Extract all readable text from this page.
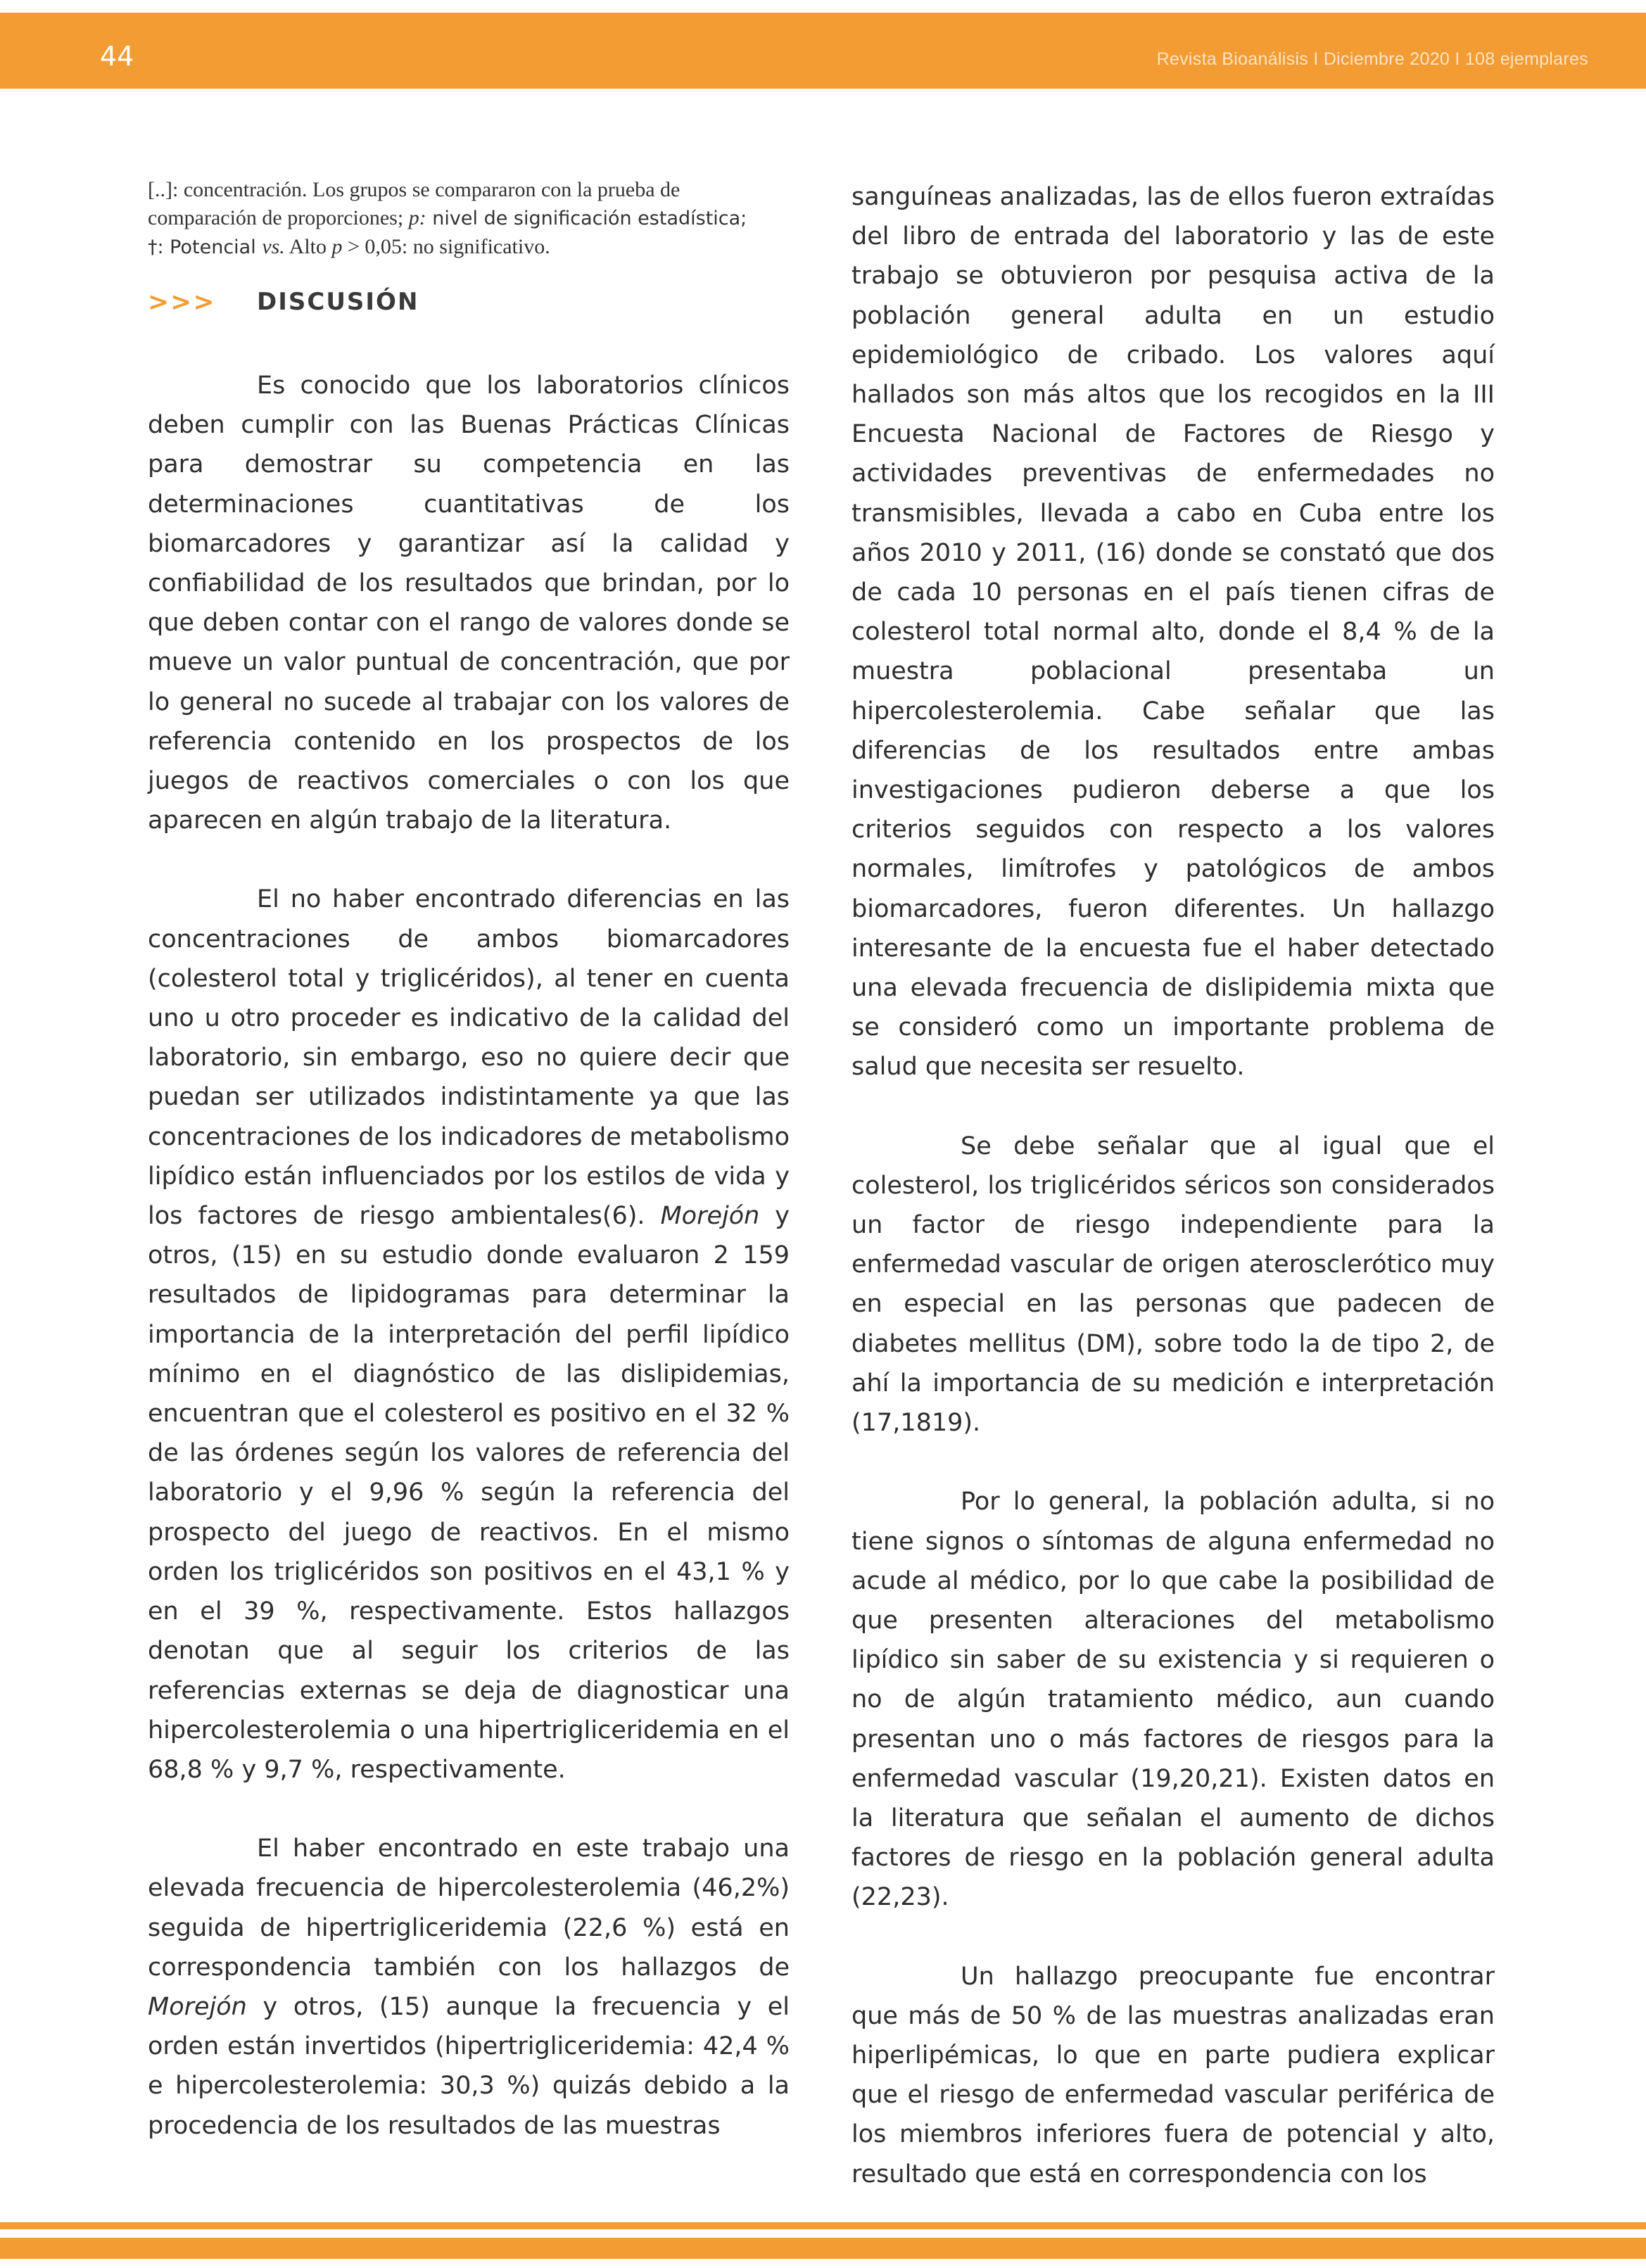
44	Revista Bioanálisis I Diciembre 2020 I 108 ejemplares

[..]: concentración. Los grupos se compararon con la prueba de comparación de proporciones; p: nivel de significación estadística;
†: Potencial vs. Alto p > 0,05: no significativo.

>>>	DISCUSIÓN

Es conocido que los laboratorios clínicos deben cumplir con las Buenas Prácticas Clínicas para demostrar su competencia en las determinaciones cuantitativas de los biomarcadores y garantizar así la calidad y confiabilidad de los resultados que brindan, por lo que deben contar con el rango de valores donde se mueve un valor puntual de concentración, que por lo general no sucede al trabajar con los valores de referencia contenido en los prospectos de los juegos de reactivos comerciales o con los que aparecen en algún trabajo de la literatura.

El no haber encontrado diferencias en las concentraciones de ambos biomarcadores (colesterol total y triglicéridos), al tener en cuenta uno u otro proceder es indicativo de la calidad del laboratorio, sin embargo, eso no quiere decir que puedan ser utilizados indistintamente ya que las concentraciones de los indicadores de metabolismo lipídico están influenciados por los estilos de vida y los factores de riesgo ambientales(6). Morejón y otros, (15) en su estudio donde evaluaron 2 159 resultados de lipidogramas para determinar la importancia de la interpretación del perfil lipídico mínimo en el diagnóstico de las dislipidemias, encuentran que el colesterol es positivo en el 32 % de las órdenes según los valores de referencia del laboratorio y el 9,96 % según la referencia del prospecto del juego de reactivos. En el mismo orden los triglicéridos son positivos en el 43,1 % y en el 39 %, respectivamente. Estos hallazgos denotan que al seguir los criterios de las referencias externas se deja de diagnosticar una hipercolesterolemia o una hipertrigliceridemia en el 68,8 % y 9,7 %, respectivamente.

El haber encontrado en este trabajo una elevada frecuencia de hipercolesterolemia (46,2%) seguida de hipertrigliceridemia (22,6 %) está en correspondencia también con los hallazgos de Morejón y otros, (15) aunque la frecuencia y el orden están invertidos (hipertrigliceridemia: 42,4 % e hipercolesterolemia: 30,3 %) quizás debido a la procedencia de los resultados de las muestras

sanguíneas analizadas, las de ellos fueron extraídas del libro de entrada del laboratorio y las de este trabajo se obtuvieron por pesquisa activa de la población general adulta en un estudio epidemiológico de cribado. Los valores aquí hallados son más altos que los recogidos en la III Encuesta Nacional de Factores de Riesgo y actividades preventivas de enfermedades no transmisibles, llevada a cabo en Cuba entre los años 2010 y 2011, (16) donde se constató que dos de cada 10 personas en el país tienen cifras de colesterol total normal alto, donde el 8,4 % de la muestra poblacional presentaba un hipercolesterolemia. Cabe señalar que las diferencias de los resultados entre ambas investigaciones pudieron deberse a que los criterios seguidos con respecto a los valores normales, limítrofes y patológicos de ambos biomarcadores, fueron diferentes. Un hallazgo interesante de la encuesta fue el haber detectado una elevada frecuencia de dislipidemia mixta que se consideró como un importante problema de salud que necesita ser resuelto.

Se debe señalar que al igual que el colesterol, los triglicéridos séricos son considerados un factor de riesgo independiente para la enfermedad vascular de origen aterosclerótico muy en especial en las personas que padecen de diabetes mellitus (DM), sobre todo la de tipo 2, de ahí la importancia de su medición e interpretación (17,1819).

Por lo general, la población adulta, si no tiene signos o síntomas de alguna enfermedad no acude al médico, por lo que cabe la posibilidad de que presenten alteraciones del metabolismo lipídico sin saber de su existencia y si requieren o no de algún tratamiento médico, aun cuando presentan uno o más factores de riesgos para la enfermedad vascular (19,20,21). Existen datos en la literatura que señalan el aumento de dichos factores de riesgo en la población general adulta (22,23).

Un hallazgo preocupante fue encontrar que más de 50 % de las muestras analizadas eran hiperlipémicas, lo que en parte pudiera explicar que el riesgo de enfermedad vascular periférica de los miembros inferiores fuera de potencial y alto, resultado que está en correspondencia con los
